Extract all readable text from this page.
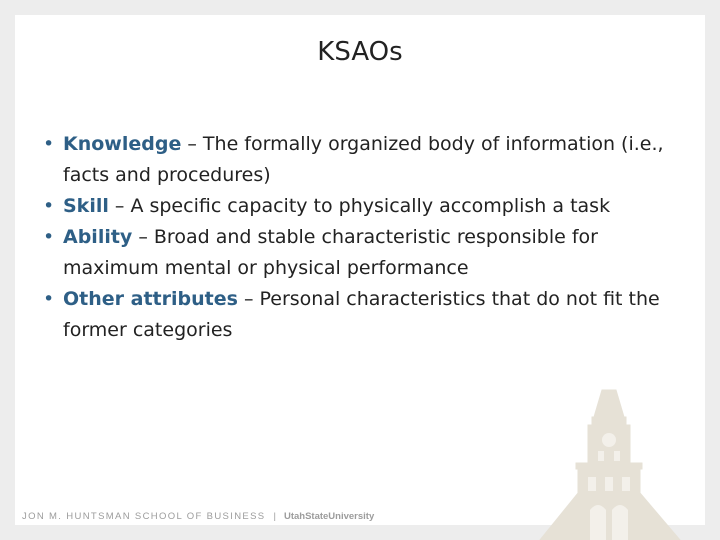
KSAOs
• Knowledge – The formally organized body of information (i.e., facts and procedures)
• Skill – A specific capacity to physically accomplish a task
• Ability – Broad and stable characteristic responsible for maximum mental or physical performance
• Other attributes – Personal characteristics that do not fit the former categories
JON M. HUNTSMAN SCHOOL OF BUSINESS | UtahStateUniversity
